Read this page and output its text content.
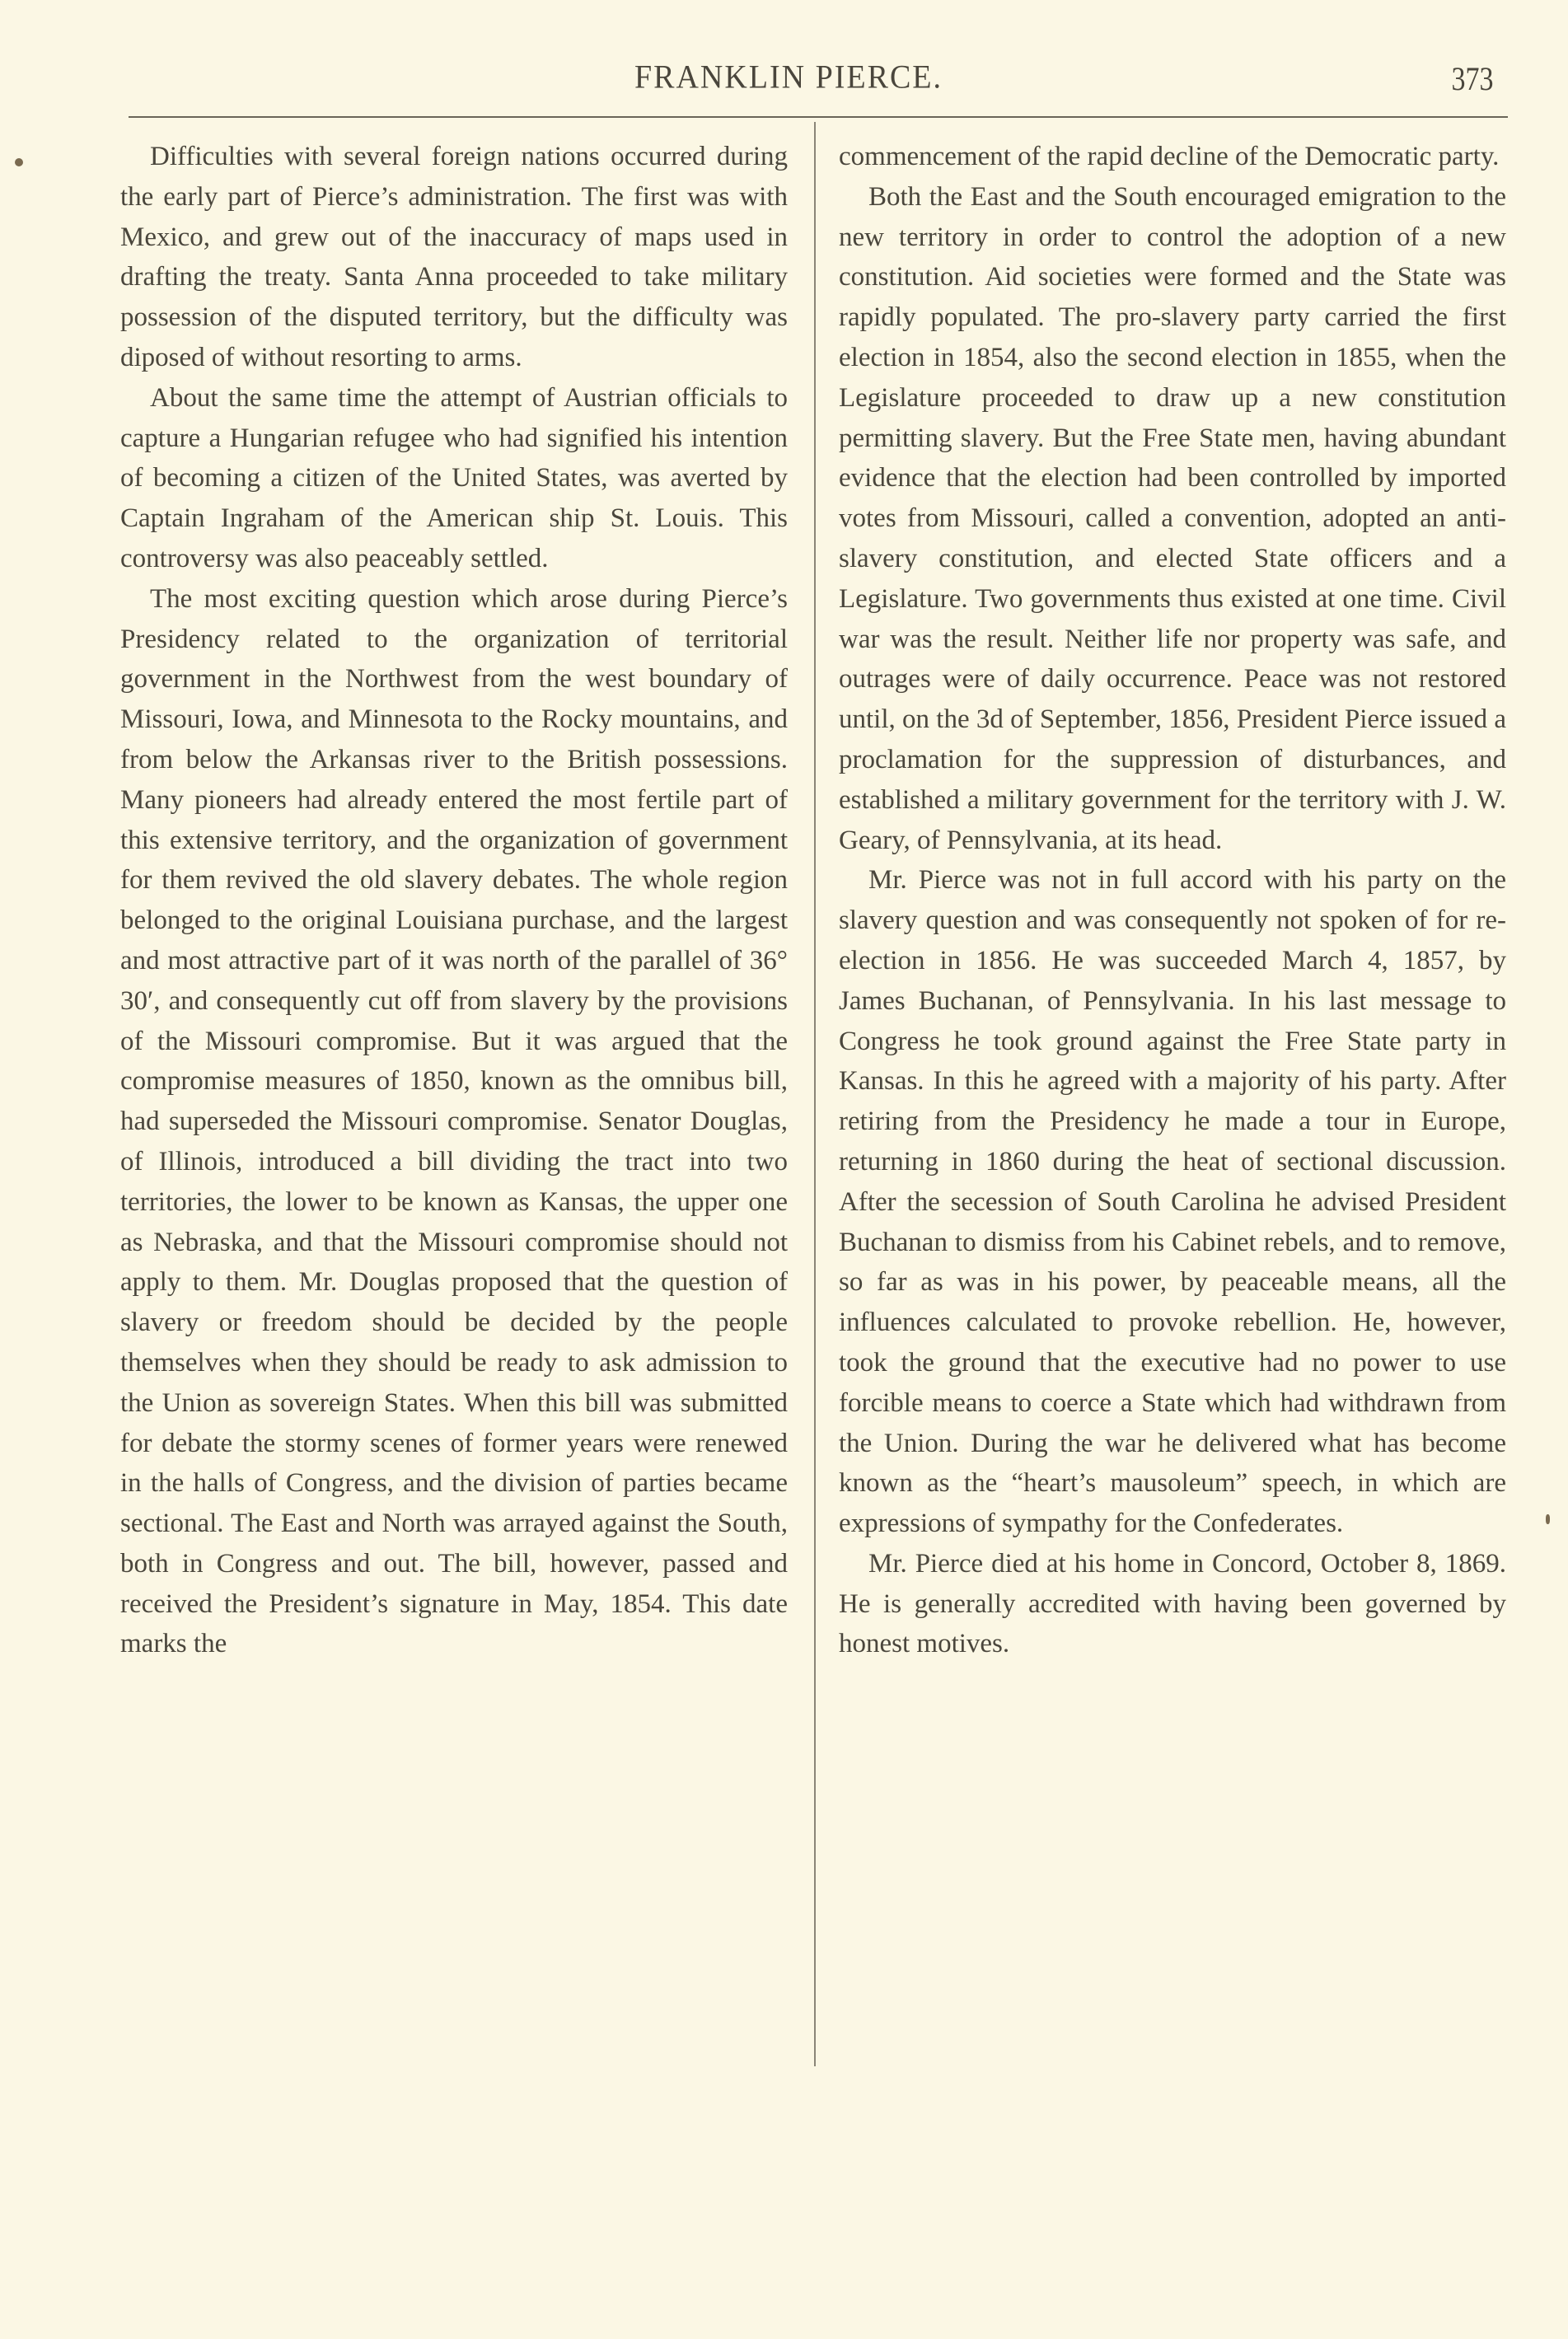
FRANKLIN PIERCE.	373

Difficulties with several foreign nations occurred during the early part of Pierce’s administration. The first was with Mexico, and grew out of the inaccuracy of maps used in drafting the treaty. Santa Anna proceeded to take military possession of the disputed territory, but the difficulty was diposed of without resorting to arms.

About the same time the attempt of Austrian officials to capture a Hungarian refugee who had signified his intention of becoming a citizen of the United States, was averted by Captain Ingraham of the American ship St. Louis. This controversy was also peaceably settled.

The most exciting question which arose during Pierce’s Presidency related to the organization of territorial government in the Northwest from the west boundary of Missouri, Iowa, and Minnesota to the Rocky mountains, and from below the Arkansas river to the British possessions. Many pioneers had already entered the most fertile part of this extensive territory, and the organization of government for them revived the old slavery debates. The whole region belonged to the original Louisiana purchase, and the largest and most attractive part of it was north of the parallel of 36° 30′, and consequently cut off from slavery by the provisions of the Missouri compromise. But it was argued that the compromise measures of 1850, known as the omnibus bill, had superseded the Missouri compromise. Senator Douglas, of Illinois, introduced a bill dividing the tract into two territories, the lower to be known as Kansas, the upper one as Nebraska, and that the Missouri compromise should not apply to them. Mr. Douglas proposed that the question of slavery or freedom should be decided by the people themselves when they should be ready to ask admission to the Union as sovereign States. When this bill was submitted for debate the stormy scenes of former years were renewed in the halls of Congress, and the division of parties became sectional. The East and North was arrayed against the South, both in Congress and out. The bill, however, passed and received the President’s signature in May, 1854. This date marks the

commencement of the rapid decline of the Democratic party.

Both the East and the South encouraged emigration to the new territory in order to control the adoption of a new constitution. Aid societies were formed and the State was rapidly populated. The pro-slavery party carried the first election in 1854, also the second election in 1855, when the Legislature proceeded to draw up a new constitution permitting slavery. But the Free State men, having abundant evidence that the election had been controlled by imported votes from Missouri, called a convention, adopted an anti-slavery constitution, and elected State officers and a Legislature. Two governments thus existed at one time. Civil war was the result. Neither life nor property was safe, and outrages were of daily occurrence. Peace was not restored until, on the 3d of September, 1856, President Pierce issued a proclamation for the suppression of disturbances, and established a military government for the territory with J. W. Geary, of Pennsylvania, at its head.

Mr. Pierce was not in full accord with his party on the slavery question and was consequently not spoken of for re-election in 1856. He was succeeded March 4, 1857, by James Buchanan, of Pennsylvania. In his last message to Congress he took ground against the Free State party in Kansas. In this he agreed with a majority of his party. After retiring from the Presidency he made a tour in Europe, returning in 1860 during the heat of sectional discussion. After the secession of South Carolina he advised President Buchanan to dismiss from his Cabinet rebels, and to remove, so far as was in his power, by peaceable means, all the influences calculated to provoke rebellion. He, however, took the ground that the executive had no power to use forcible means to coerce a State which had withdrawn from the Union. During the war he delivered what has become known as the “heart’s mausoleum” speech, in which are expressions of sympathy for the Confederates.

Mr. Pierce died at his home in Concord, October 8, 1869. He is generally accredited with having been governed by honest motives.
